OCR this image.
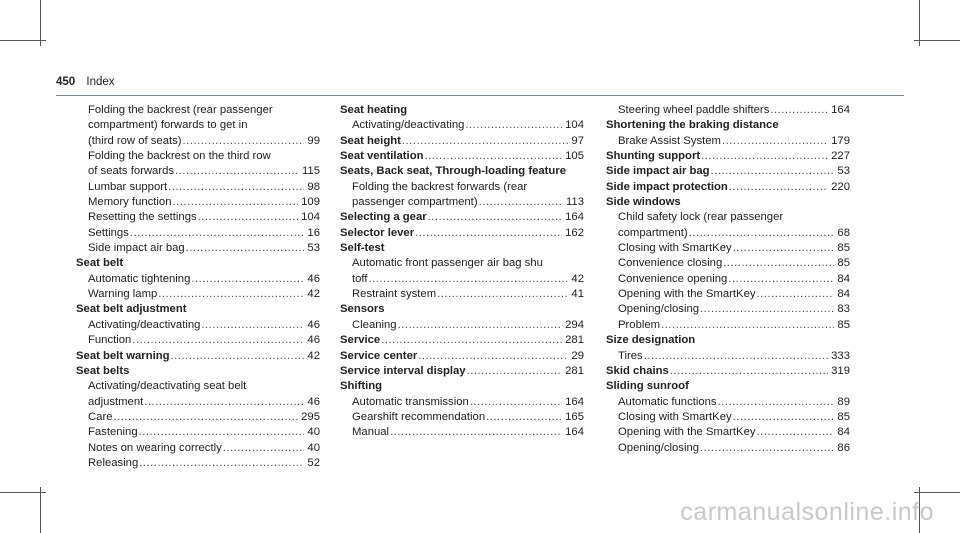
450 Index
Folding the backrest (rear passenger
compartment) forwards to get in
(third row of seats) .....	99
Folding the backrest on the third row
of seats forwards .....	115
Lumbar support .....	98
Memory function .....	109
Resetting the settings .....	104
Settings .....	16
Side impact air bag .....	53
Seat belt
Automatic tightening .....	46
Warning lamp .....	42
Seat belt adjustment
Activating/deactivating .....	46
Function .....	46
Seat belt warning .....	42
Seat belts
Activating/deactivating seat belt
adjustment .....	46
Care .....	295
Fastening .....	40
Notes on wearing correctly .....	40
Releasing .....	52
Seat heating
Activating/deactivating .....	104
Seat height .....	97
Seat ventilation .....	105
Seats, Back seat, Through-loading feature
Folding the backrest forwards (rear
passenger compartment) .....	113
Selecting a gear .....	164
Selector lever .....	162
Self-test
Automatic front passenger air bag shu
toff .....	42
Restraint system .....	41
Sensors
Cleaning .....	294
Service .....	281
Service center .....	29
Service interval display .....	281
Shifting
Automatic transmission .....	164
Gearshift recommendation .....	165
Manual .....	164
Steering wheel paddle shifters .....	164
Shortening the braking distance
Brake Assist System .....	179
Shunting support .....	227
Side impact air bag .....	53
Side impact protection .....	220
Side windows
Child safety lock (rear passenger
compartment) .....	68
Closing with SmartKey .....	85
Convenience closing .....	85
Convenience opening .....	84
Opening with the SmartKey .....	84
Opening/closing .....	83
Problem .....	85
Size designation
Tires .....	333
Skid chains .....	319
Sliding sunroof
Automatic functions .....	89
Closing with SmartKey .....	85
Opening with the SmartKey .....	84
Opening/closing .....	86
carmanualsonline.info
